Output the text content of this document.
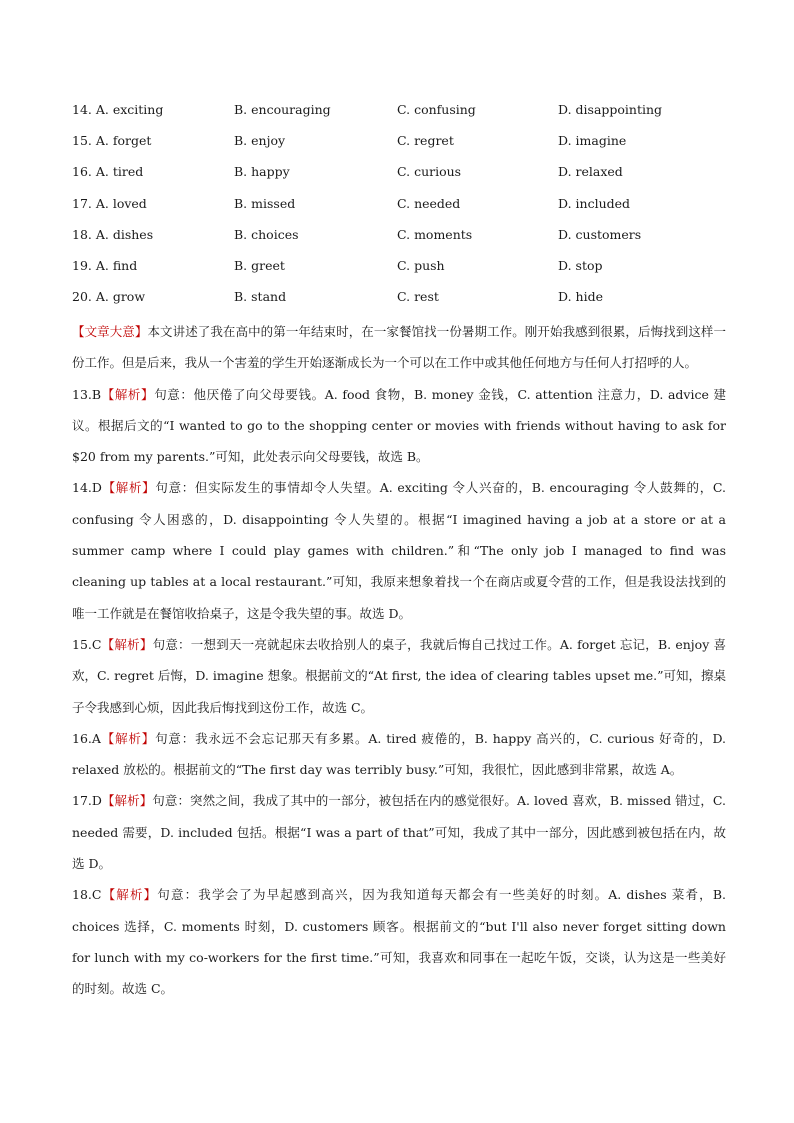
14. A. exciting	B. encouraging	C. confusing	D. disappointing
15. A. forget	B. enjoy	C. regret	D. imagine
16. A. tired	B. happy	C. curious	D. relaxed
17. A. loved	B. missed	C. needed	D. included
18. A. dishes	B. choices	C. moments	D. customers
19. A. find	B. greet	C. push	D. stop
20. A. grow	B. stand	C. rest	D. hide

【文章大意】本文讲述了我在高中的第一年结束时，在一家餐馆找一份暑期工作。刚开始我感到很累，后悔找到这样一份工作。但是后来，我从一个害羞的学生开始逐渐成长为一个可以在工作中或其他任何地方与任何人打招呼的人。

13.B【解析】句意：他厌倦了向父母要钱。A. food 食物，B. money 金钱，C. attention 注意力，D. advice 建议。根据后文的“I wanted to go to the shopping center or movies with friends without having to ask for $20 from my parents.”可知，此处表示向父母要钱，故选 B。

14.D【解析】句意：但实际发生的事情却令人失望。A. exciting 令人兴奋的，B. encouraging 令人鼓舞的，C. confusing 令人困惑的，D. disappointing 令人失望的。根据“I imagined having a job at a store or at a summer camp where I could play games with children.”和“The only job I managed to find was cleaning up tables at a local restaurant.”可知，我原来想象着找一个在商店或夏令营的工作，但是我设法找到的唯一工作就是在餐馆收拾桌子，这是令我失望的事。故选 D。

15.C【解析】句意：一想到天一亮就起床去收拾别人的桌子，我就后悔自己找过工作。A. forget 忘记，B. enjoy 喜欢，C. regret 后悔，D. imagine 想象。根据前文的“At first, the idea of clearing tables upset me.”可知，擦桌子令我感到心烦，因此我后悔找到这份工作，故选 C。

16.A【解析】句意：我永远不会忘记那天有多累。A. tired 疲倦的，B. happy 高兴的，C. curious 好奇的，D. relaxed 放松的。根据前文的“The first day was terribly busy.”可知，我很忙，因此感到非常累，故选 A。

17.D【解析】句意：突然之间，我成了其中的一部分，被包括在内的感觉很好。A. loved 喜欢，B. missed 错过，C. needed 需要，D. included 包括。根据“I was a part of that”可知，我成了其中一部分，因此感到被包括在内，故选 D。

18.C【解析】句意：我学会了为早起感到高兴，因为我知道每天都会有一些美好的时刻。A. dishes 菜肴，B. choices 选择，C. moments 时刻，D. customers 顾客。根据前文的“but I'll also never forget sitting down for lunch with my co-workers for the first time.”可知，我喜欢和同事在一起吃午饭，交谈，认为这是一些美好的时刻。故选 C。
